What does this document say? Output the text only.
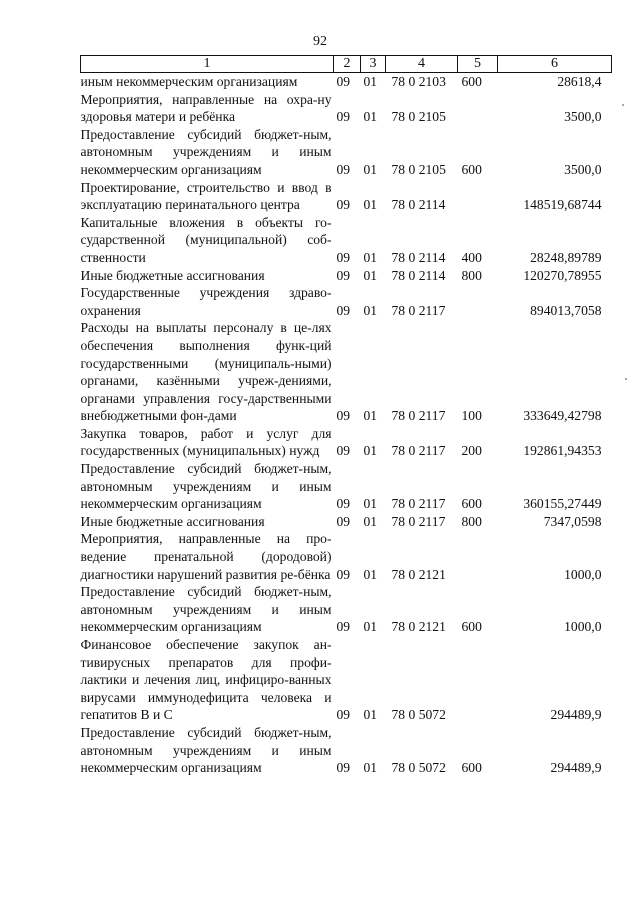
92
1	2	3	4	5	6
иным некоммерческим организациям	09	01	78 0 2103	600	28618,4
Мероприятия, направленные на охра-ну здоровья матери и ребёнка	09	01	78 0 2105		3500,0
Предоставление субсидий бюджет-ным, автономным учреждениям и иным некоммерческим организациям	09	01	78 0 2105	600	3500,0
Проектирование, строительство и ввод в эксплуатацию перинатального центра	09	01	78 0 2114		148519,68744
Капитальные вложения в объекты го-сударственной (муниципальной) соб-ственности	09	01	78 0 2114	400	28248,89789
Иные бюджетные ассигнования	09	01	78 0 2114	800	120270,78955
Государственные учреждения здраво-охранения	09	01	78 0 2117		894013,7058
Расходы на выплаты персоналу в це-лях обеспечения выполнения функ-ций государственными (муниципаль-ными) органами, казёнными учреж-дениями, органами управления госу-дарственными внебюджетными фон-дами	09	01	78 0 2117	100	333649,42798
Закупка товаров, работ и услуг для государственных (муниципальных) нужд	09	01	78 0 2117	200	192861,94353
Предоставление субсидий бюджет-ным, автономным учреждениям и иным некоммерческим организациям	09	01	78 0 2117	600	360155,27449
Иные бюджетные ассигнования	09	01	78 0 2117	800	7347,0598
Мероприятия, направленные на про-ведение пренатальной (дородовой) диагностики нарушений развития ре-бёнка	09	01	78 0 2121		1000,0
Предоставление субсидий бюджет-ным, автономным учреждениям и иным некоммерческим организациям	09	01	78 0 2121	600	1000,0
Финансовое обеспечение закупок ан-тивирусных препаратов для профи-лактики и лечения лиц, инфициро-ванных вирусами иммунодефицита человека и гепатитов В и С	09	01	78 0 5072		294489,9
Предоставление субсидий бюджет-ным, автономным учреждениям и иным некоммерческим организациям	09	01	78 0 5072	600	294489,9
